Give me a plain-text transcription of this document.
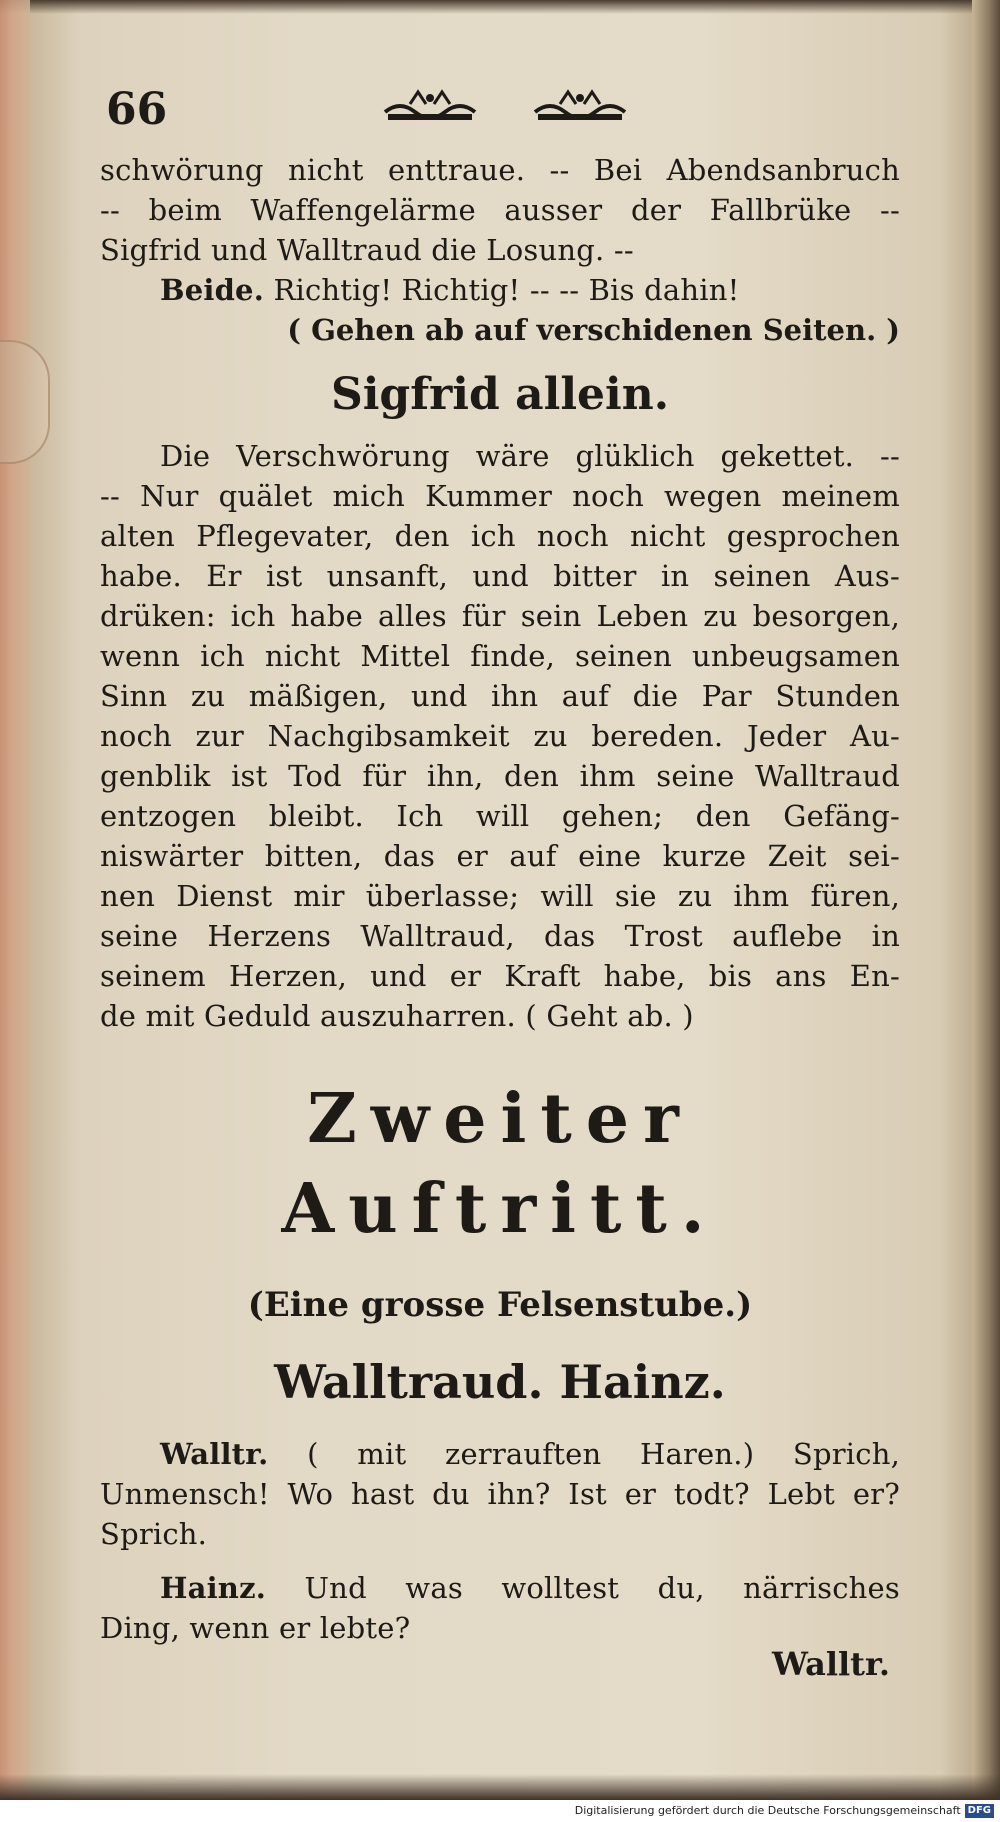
66
schwörung nicht enttraue. -- Bei Abendsanbruch
-- beim Waffengelärme ausser der Fallbrüke --
Sigfrid und Walltraud die Losung. --
Beide. Richtig! Richtig! -- -- Bis dahin!
( Gehen ab auf verschidenen Seiten. )
Sigfrid allein.
Die Verschwörung wäre glüklich gekettet. --
-- Nur quälet mich Kummer noch wegen meinem
alten Pflegevater, den ich noch nicht gesprochen
habe. Er ist unsanft, und bitter in seinen Aus-
drüken: ich habe alles für sein Leben zu besorgen,
wenn ich nicht Mittel finde, seinen unbeugsamen
Sinn zu mäßigen, und ihn auf die Par Stunden
noch zur Nachgibsamkeit zu bereden. Jeder Au-
genblik ist Tod für ihn, den ihm seine Walltraud
entzogen bleibt. Ich will gehen; den Gefäng-
niswärter bitten, das er auf eine kurze Zeit sei-
nen Dienst mir überlasse; will sie zu ihm füren,
seine Herzens Walltraud, das Trost auflebe in
seinem Herzen, und er Kraft habe, bis ans En-
de mit Geduld auszuharren. ( Geht ab. )
Zweiter Auftritt.
(Eine grosse Felsenstube.)
Walltraud. Hainz.
Walltr. ( mit zerrauften Haren.) Sprich,
Unmensch! Wo hast du ihn? Ist er todt? Lebt er?
Sprich.
Hainz. Und was wolltest du, närrisches
Ding, wenn er lebte?
Walltr.
Digitalisierung gefördert durch die Deutsche Forschungsgemeinschaft DFG
